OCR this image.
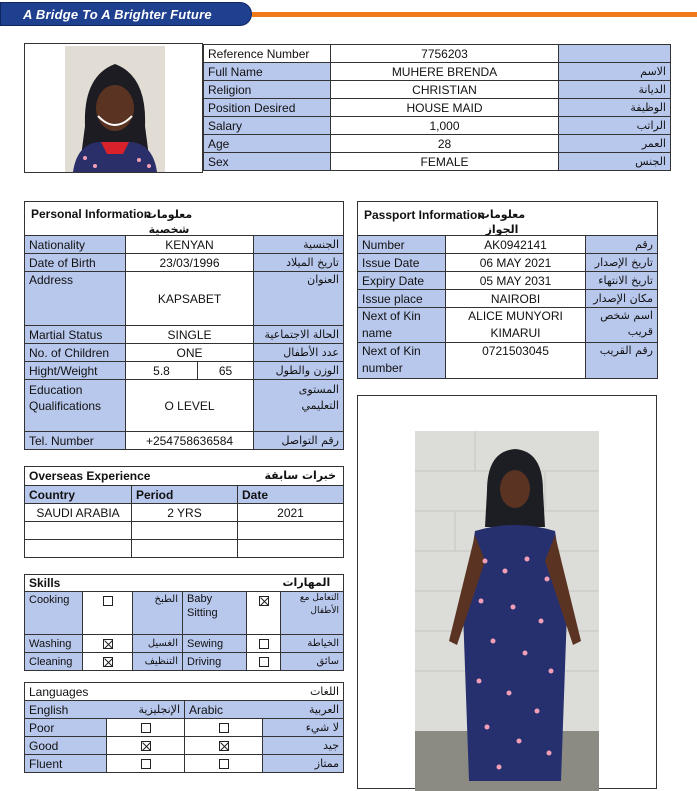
A Bridge To A Brighter Future
Reference Number	7756203	
Full Name	MUHERE BRENDA	الاسم
Religion	CHRISTIAN	الديانة
Position Desired	HOUSE MAID	الوظيفة
Salary	1,000	الراتب
Age	28	العمر
Sex	FEMALE	الجنس
Personal Information
معلومات شخصية			

Nationality	KENYAN		الجنسية
Date of Birth	23/03/1996		تاريخ الميلاد
Address	KAPSABET		العنوان
Martial Status	SINGLE		الحالة الاجتماعية
No. of Children	ONE		عدد الأطفال
Hight/Weight	5.8	65	الوزن والطول
Education Qualifications	O LEVEL		المستوى التعليمي
Tel. Number	+254758636584		رقم التواصل
Passport Information
معلومات الجواز		

Number	AK0942141	رقم
Issue Date	06 MAY 2021	تاريخ الإصدار
Expiry Date	05 MAY 2031	تاريخ الانتهاء
Issue place	NAIROBI	مكان الإصدار
Next of Kin name	ALICE MUNYORI KIMARUI	اسم شخص قريب
Next of Kin number	0721503045	رقم القريب
Overseas Experience خبرات سابقة		

Country	Period	Date
SAUDI ARABIA	2 YRS	2021

Skills المهارات					

Cooking		الطبخ	Baby Sitting		التعامل مع الأطفال
Washing		الغسيل	Sewing		الخياطة
Cleaning		التنظيف	Driving		سائق
Languages		اللغات	
English	الإنجليزية	Arabic	العربية
Poor			لا شيء
Good			جيد
Fluent			ممتاز
